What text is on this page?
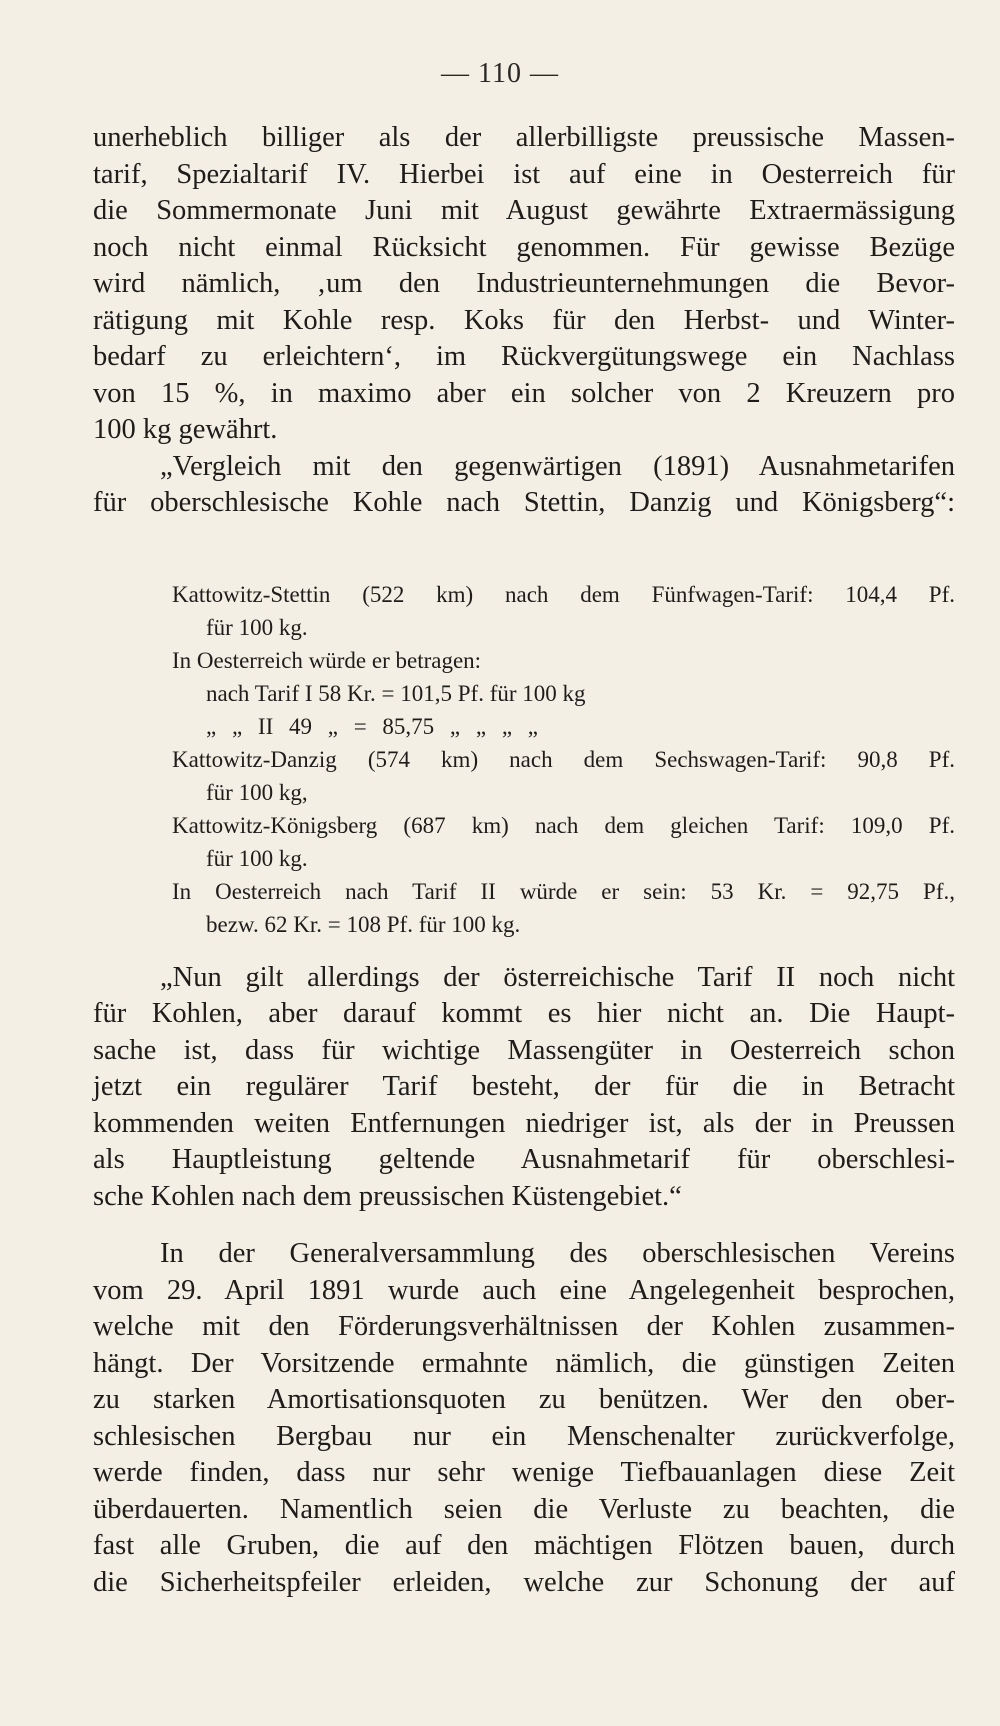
— 110 —
unerheblich billiger als der allerbilligste preussische Massen-
tarif, Spezialtarif IV. Hierbei ist auf eine in Oesterreich für
die Sommermonate Juni mit August gewährte Extraermässigung
noch nicht einmal Rücksicht genommen. Für gewisse Bezüge
wird nämlich, ‚um den Industrieunternehmungen die Bevor-
rätigung mit Kohle resp. Koks für den Herbst- und Winter-
bedarf zu erleichtern‘, im Rückvergütungswege ein Nachlass
von 15 %, in maximo aber ein solcher von 2 Kreuzern pro
100 kg gewährt.
„Vergleich mit den gegenwärtigen (1891) Ausnahmetarifen
für oberschlesische Kohle nach Stettin, Danzig und Königsberg“:
Kattowitz-Stettin (522 km) nach dem Fünfwagen-Tarif: 104,4 Pf.
für 100 kg.
In Oesterreich würde er betragen:
nach Tarif I 58 Kr. = 101,5 Pf. für 100 kg
„ „ II 49 „ = 85,75 „ „ „ „
Kattowitz-Danzig (574 km) nach dem Sechswagen-Tarif: 90,8 Pf.
für 100 kg,
Kattowitz-Königsberg (687 km) nach dem gleichen Tarif: 109,0 Pf.
für 100 kg.
In Oesterreich nach Tarif II würde er sein: 53 Kr. = 92,75 Pf.,
bezw. 62 Kr. = 108 Pf. für 100 kg.
„Nun gilt allerdings der österreichische Tarif II noch nicht
für Kohlen, aber darauf kommt es hier nicht an. Die Haupt-
sache ist, dass für wichtige Massengüter in Oesterreich schon
jetzt ein regulärer Tarif besteht, der für die in Betracht
kommenden weiten Entfernungen niedriger ist, als der in Preussen
als Hauptleistung geltende Ausnahmetarif für oberschlesi-
sche Kohlen nach dem preussischen Küstengebiet.“
In der Generalversammlung des oberschlesischen Vereins
vom 29. April 1891 wurde auch eine Angelegenheit besprochen,
welche mit den Förderungsverhältnissen der Kohlen zusammen-
hängt. Der Vorsitzende ermahnte nämlich, die günstigen Zeiten
zu starken Amortisationsquoten zu benützen. Wer den ober-
schlesischen Bergbau nur ein Menschenalter zurückverfolge,
werde finden, dass nur sehr wenige Tiefbauanlagen diese Zeit
überdauerten. Namentlich seien die Verluste zu beachten, die
fast alle Gruben, die auf den mächtigen Flötzen bauen, durch
die Sicherheitspfeiler erleiden, welche zur Schonung der auf
